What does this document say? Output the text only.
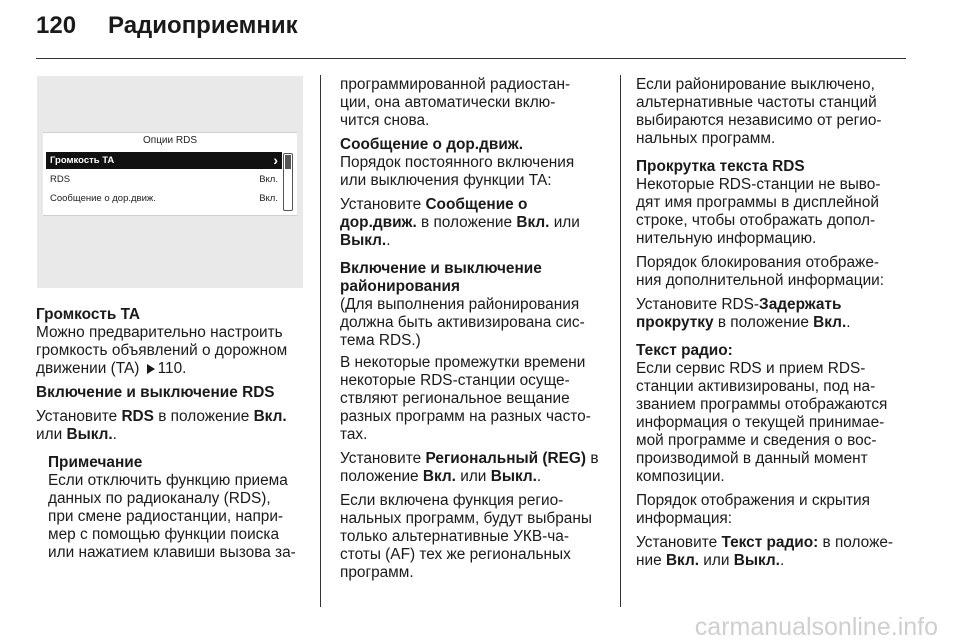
120 Радиоприемник
Опции RDS
Громкость TA	›
RDS	Вкл.
Сообщение о дор.движ.	Вкл.

Громкость TA

Можно предварительно настроить

громкость объявлений о дорожном

движении (TA) 110.

Включение и выключение RDS

Установите RDS в положение Вкл.

или Выкл..

Примечание

Если отключить функцию приема

данных по радиоканалу (RDS),

при смене радиостанции, напри-

мер с помощью функции поиска

или нажатием клавиши вызова за-

программированной радиостан-

ции, она автоматически вклю-

чится снова.

Сообщение о дор.движ.

Порядок постоянного включения

или выключения функции TA:

Установите Сообщение о

дор.движ. в положение Вкл. или

Выкл..

Включение и выключение

районирования

(Для выполнения районирования

должна быть активизирована сис-

тема RDS.)

В некоторые промежутки времени

некоторые RDS-станции осуще-

ствляют региональное вещание

разных программ на разных часто-

тах.

Установите Региональный (REG) в

положение Вкл. или Выкл..

Если включена функция регио-

нальных программ, будут выбраны

только альтернативные УКВ-ча-

стоты (AF) тех же региональных

программ.

Если районирование выключено,

альтернативные частоты станций

выбираются независимо от регио-

нальных программ.

Прокрутка текста RDS

Некоторые RDS-станции не выво-

дят имя программы в дисплейной

строке, чтобы отображать допол-

нительную информацию.

Порядок блокирования отображе-

ния дополнительной информации:

Установите RDS-Задержать

прокрутку в положение Вкл..

Текст радио:

Если сервис RDS и прием RDS-

станции активизированы, под на-

званием программы отображаются

информация о текущей принимае-

мой программе и сведения о вос-

производимой в данный момент

композиции.

Порядок отображения и скрытия

информация:

Установите Текст радио: в положе-

ние Вкл. или Выкл..

carmanualsonline.info
